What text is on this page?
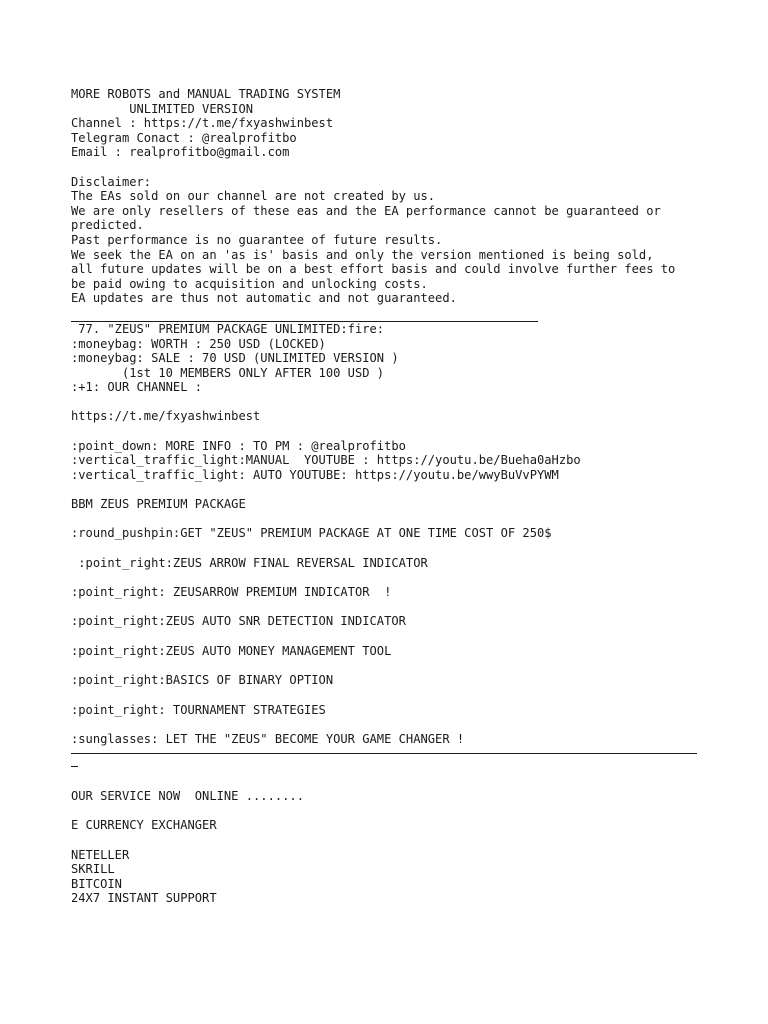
MORE ROBOTS and MANUAL TRADING SYSTEM
UNLIMITED VERSION
Channel : https://t.me/fxyashwinbest
Telegram Conact : @realprofitbo
Email : realprofitbo@gmail.com
Disclaimer:
The EAs sold on our channel are not created by us.
We are only resellers of these eas and the EA performance cannot be guaranteed or
predicted.
Past performance is no guarantee of future results.
We seek the EA on an 'as is' basis and only the version mentioned is being sold,
all future updates will be on a best effort basis and could involve further fees to
be paid owing to acquisition and unlocking costs.
EA updates are thus not automatic and not guaranteed.
77. "ZEUS" PREMIUM PACKAGE UNLIMITED:fire:
:moneybag: WORTH : 250 USD (LOCKED)
:moneybag: SALE : 70 USD (UNLIMITED VERSION )
(1st 10 MEMBERS ONLY AFTER 100 USD )
:+1: OUR CHANNEL :
https://t.me/fxyashwinbest
:point_down: MORE INFO : TO PM : @realprofitbo
:vertical_traffic_light:MANUAL  YOUTUBE : https://youtu.be/Bueha0aHzbo
:vertical_traffic_light: AUTO YOUTUBE: https://youtu.be/wwyBuVvPYWM
BBM ZEUS PREMIUM PACKAGE
:round_pushpin:GET "ZEUS" PREMIUM PACKAGE AT ONE TIME COST OF 250$
:point_right:ZEUS ARROW FINAL REVERSAL INDICATOR
:point_right: ZEUSARROW PREMIUM INDICATOR  !
:point_right:ZEUS AUTO SNR DETECTION INDICATOR
:point_right:ZEUS AUTO MONEY MANAGEMENT TOOL
:point_right:BASICS OF BINARY OPTION
:point_right: TOURNAMENT STRATEGIES
:sunglasses: LET THE "ZEUS" BECOME YOUR GAME CHANGER !
OUR SERVICE NOW  ONLINE ........
E CURRENCY EXCHANGER
NETELLER
SKRILL
BITCOIN
24X7 INSTANT SUPPORT
